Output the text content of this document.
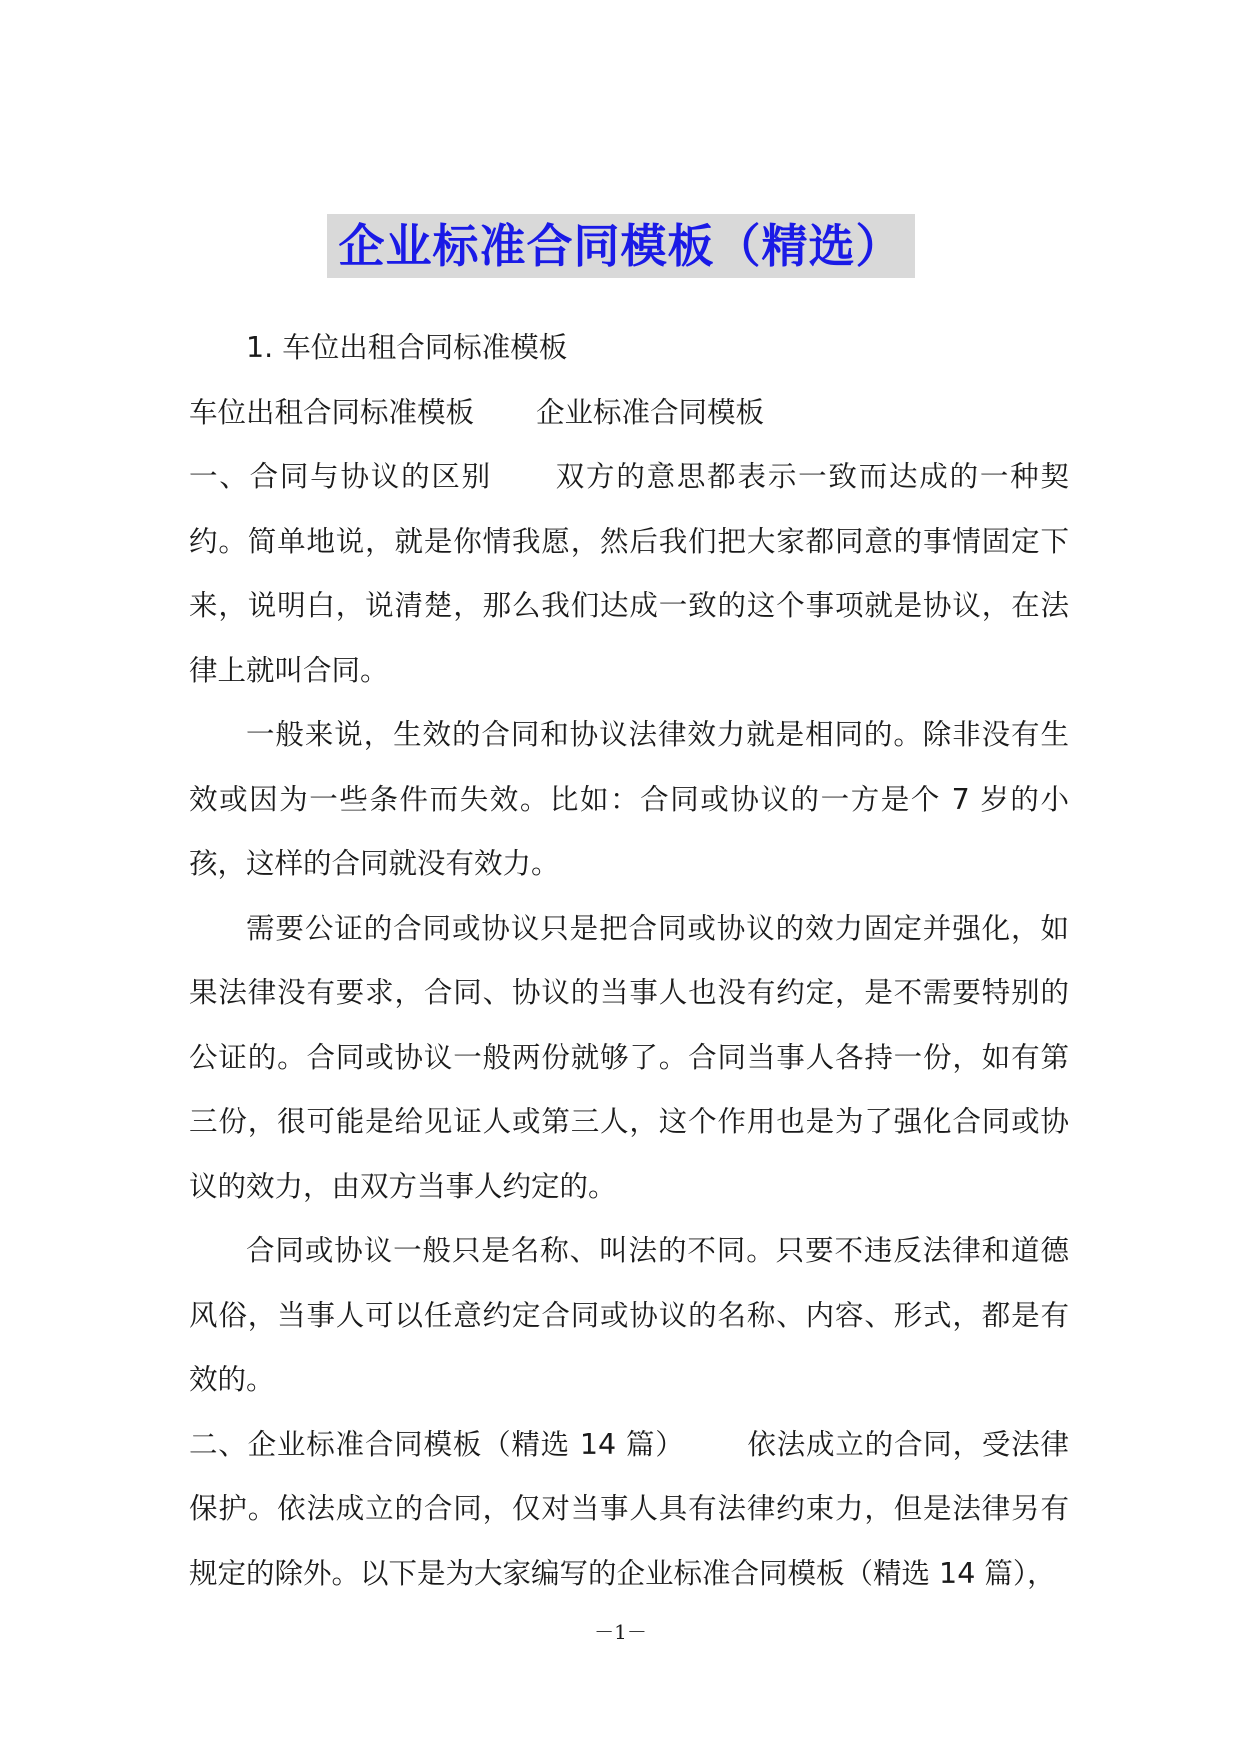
企业标准合同模板（精选）

1. 车位出租合同标准模板

车位出租合同标准模板 企业标准合同模板

一、合同与协议的区别 双方的意思都表示一致而达成的一种契约。简单地说，就是你情我愿，然后我们把大家都同意的事情固定下来，说明白，说清楚，那么我们达成一致的这个事项就是协议，在法律上就叫合同。

一般来说，生效的合同和协议法律效力就是相同的。除非没有生效或因为一些条件而失效。比如：合同或协议的一方是个 7 岁的小孩，这样的合同就没有效力。

需要公证的合同或协议只是把合同或协议的效力固定并强化，如果法律没有要求，合同、协议的当事人也没有约定，是不需要特别的公证的。合同或协议一般两份就够了。合同当事人各持一份，如有第三份，很可能是给见证人或第三人，这个作用也是为了强化合同或协议的效力，由双方当事人约定的。

合同或协议一般只是名称、叫法的不同。只要不违反法律和道德风俗，当事人可以任意约定合同或协议的名称、内容、形式，都是有效的。

二、企业标准合同模板（精选 14 篇） 依法成立的合同，受法律保护。依法成立的合同，仅对当事人具有法律约束力，但是法律另有规定的除外。以下是为大家编写的企业标准合同模板（精选 14 篇），

－1－
